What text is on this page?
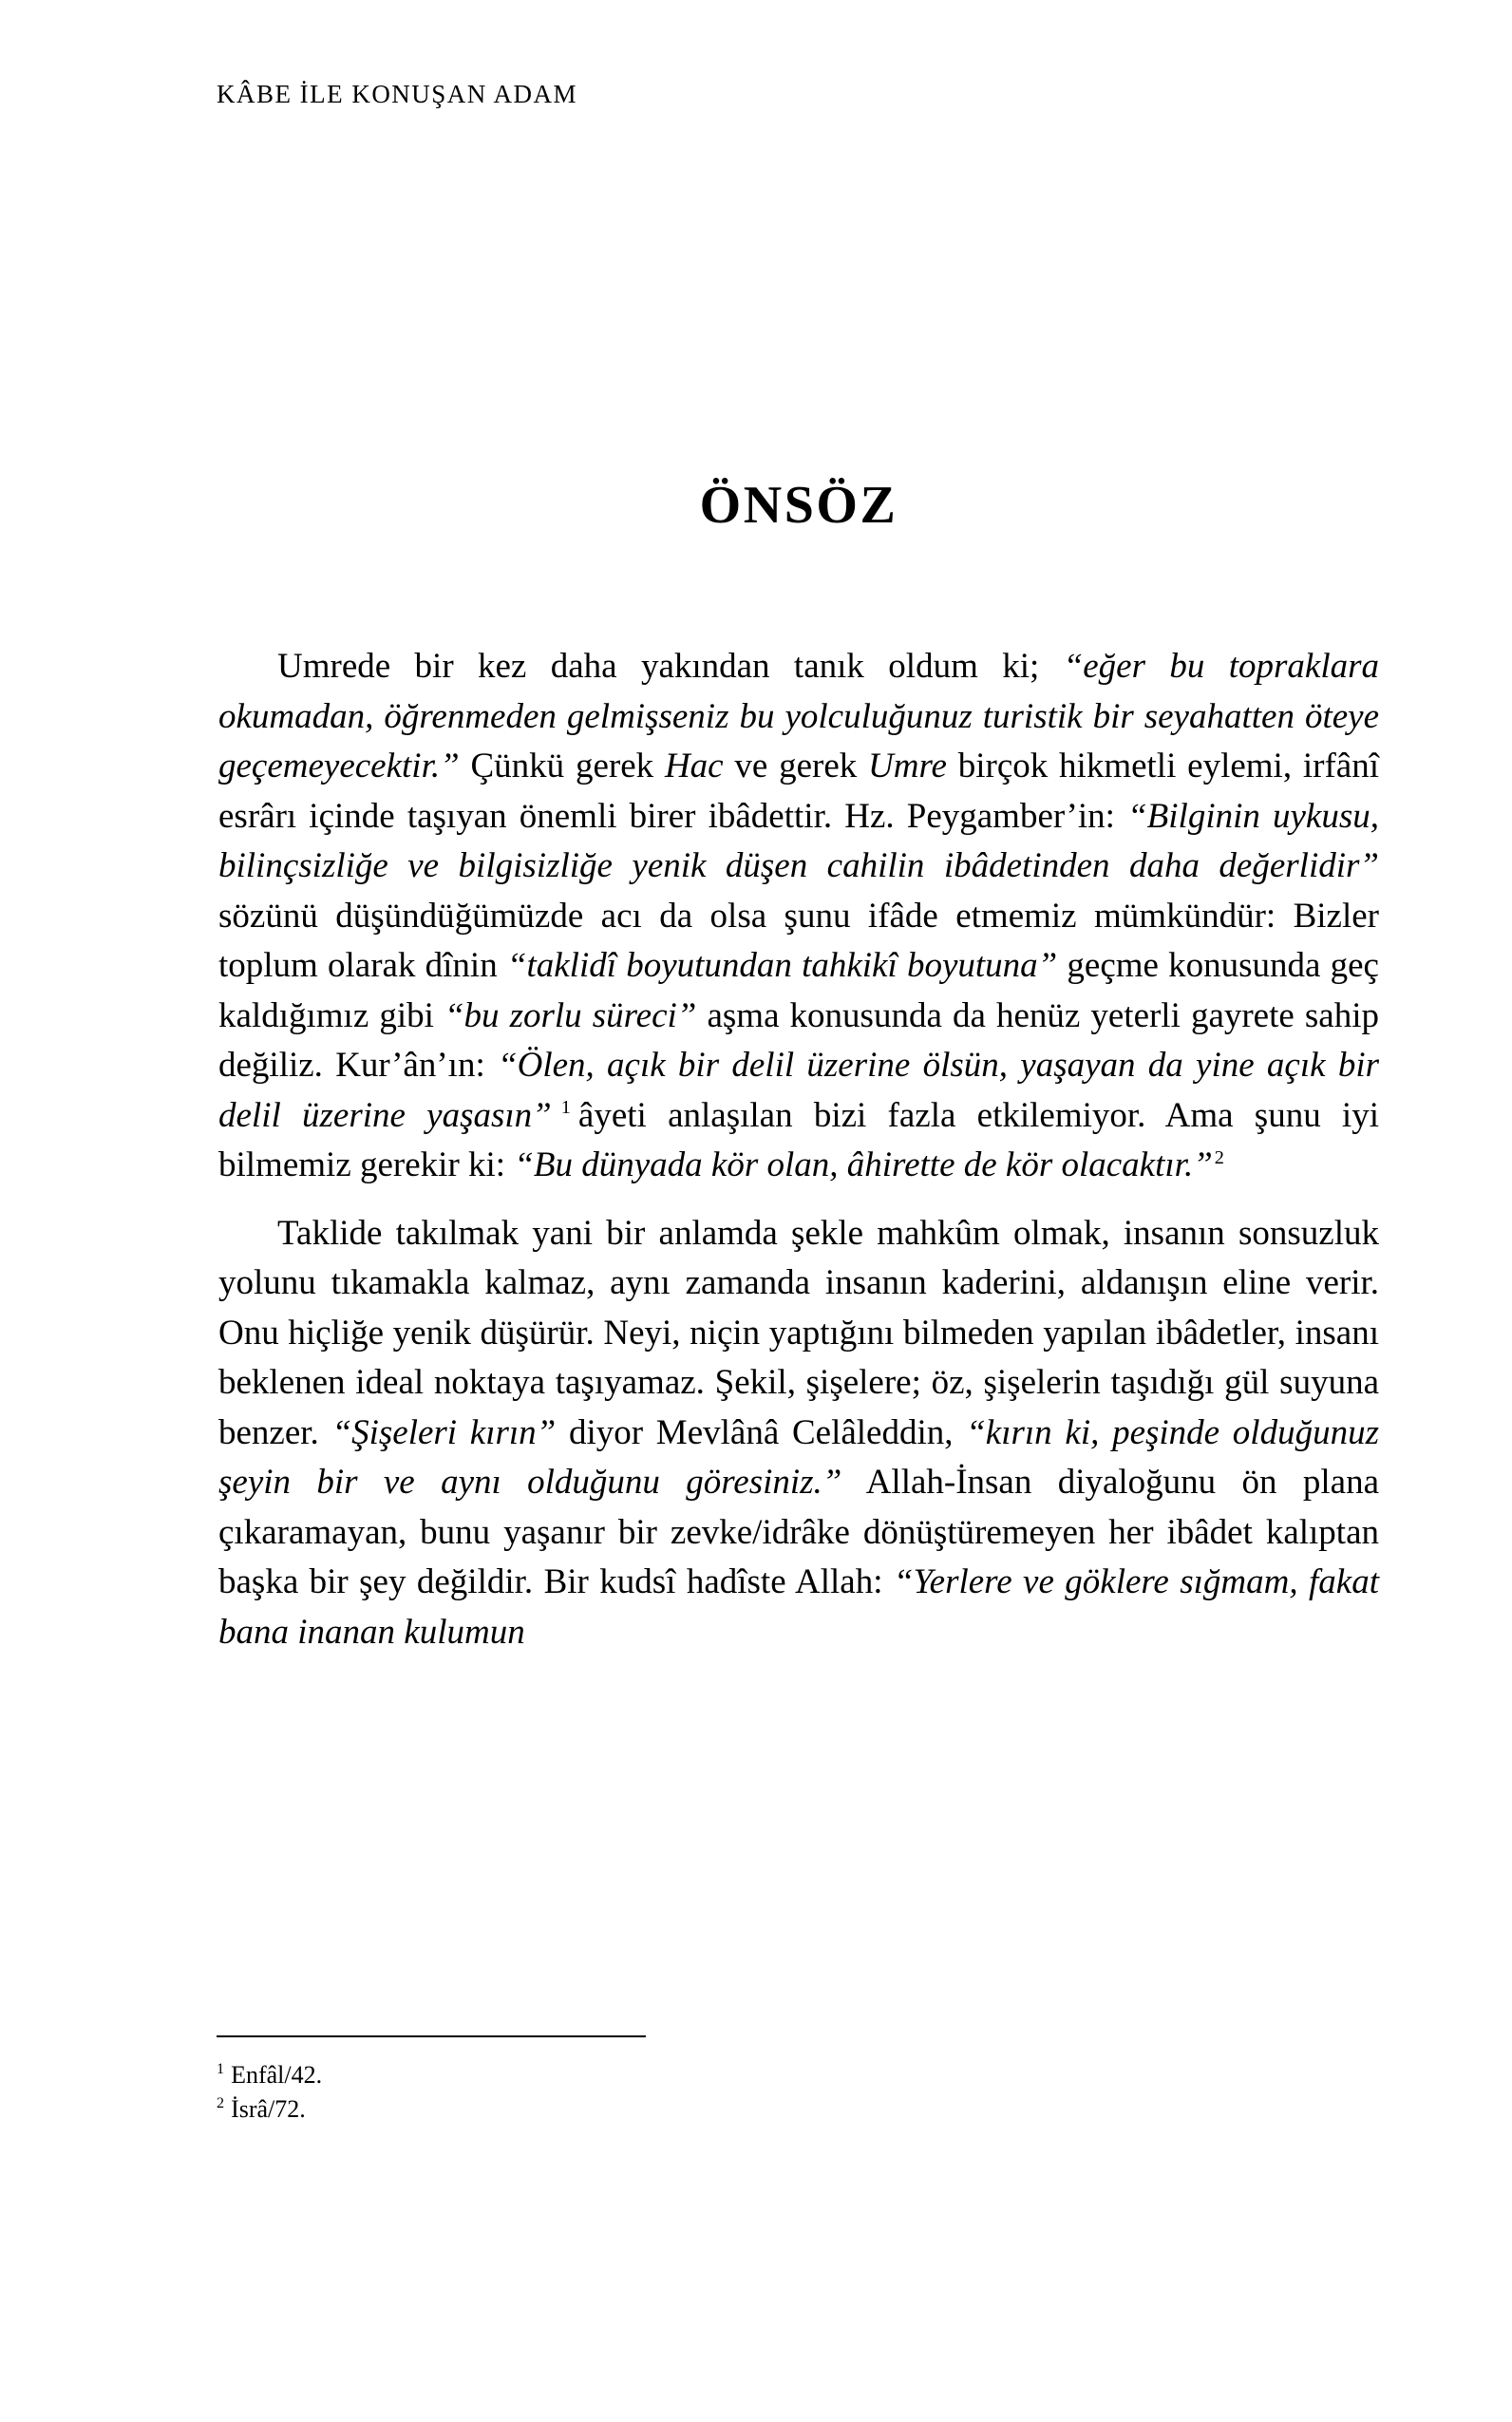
KÂBE İLE KONUŞAN ADAM
ÖNSÖZ

Umrede bir kez daha yakından tanık oldum ki; “eğer bu topraklara okumadan, öğrenmeden gelmişseniz bu yolculuğunuz turistik bir seyahatten öteye geçemeyecektir.” Çünkü gerek Hac ve gerek Umre birçok hikmetli eylemi, irfânî esrârı içinde taşıyan önemli birer ibâdettir. Hz. Peygamber’in: “Bilginin uykusu, bilinçsizliğe ve bilgisizliğe yenik düşen cahilin ibâdetinden daha değerlidir” sözünü düşündüğümüzde acı da olsa şunu ifâde etmemiz mümkündür: Bizler toplum olarak dînin “taklidî boyutundan tahkikî boyutuna” geçme konusunda geç kaldığımız gibi “bu zorlu süreci” aşma konusunda da henüz yeterli gayrete sahip değiliz. Kur’ân’ın: “Ölen, açık bir delil üzerine ölsün, yaşayan da yine açık bir delil üzerine yaşasın” $^1$ âyeti anlaşılan bizi fazla etkilemiyor. Ama şunu iyi bilmemiz gerekir ki: “Bu dünyada kör olan, âhirette de kör olacaktır.”$^2$

Taklide takılmak yani bir anlamda şekle mahkûm olmak, insanın sonsuzluk yolunu tıkamakla kalmaz, aynı zamanda insanın kaderini, aldanışın eline verir. Onu hiçliğe yenik düşürür. Neyi, niçin yaptığını bilmeden yapılan ibâdetler, insanı beklenen ideal noktaya taşıyamaz. Şekil, şişelere; öz, şişelerin taşıdığı gül suyuna benzer. “Şişeleri kırın” diyor Mevlânâ Celâleddin, “kırın ki, peşinde olduğunuz şeyin bir ve aynı olduğunu göresiniz.” Allah-İnsan diyaloğunu ön plana çıkaramayan, bunu yaşanır bir zevke/idrâke dönüştüremeyen her ibâdet kalıptan başka bir şey değildir. Bir kudsî hadîste Allah: “Yerlere ve göklere sığmam, fakat bana inanan kulumun

$^1$ Enfâl/42.

$^2$ İsrâ/72.
